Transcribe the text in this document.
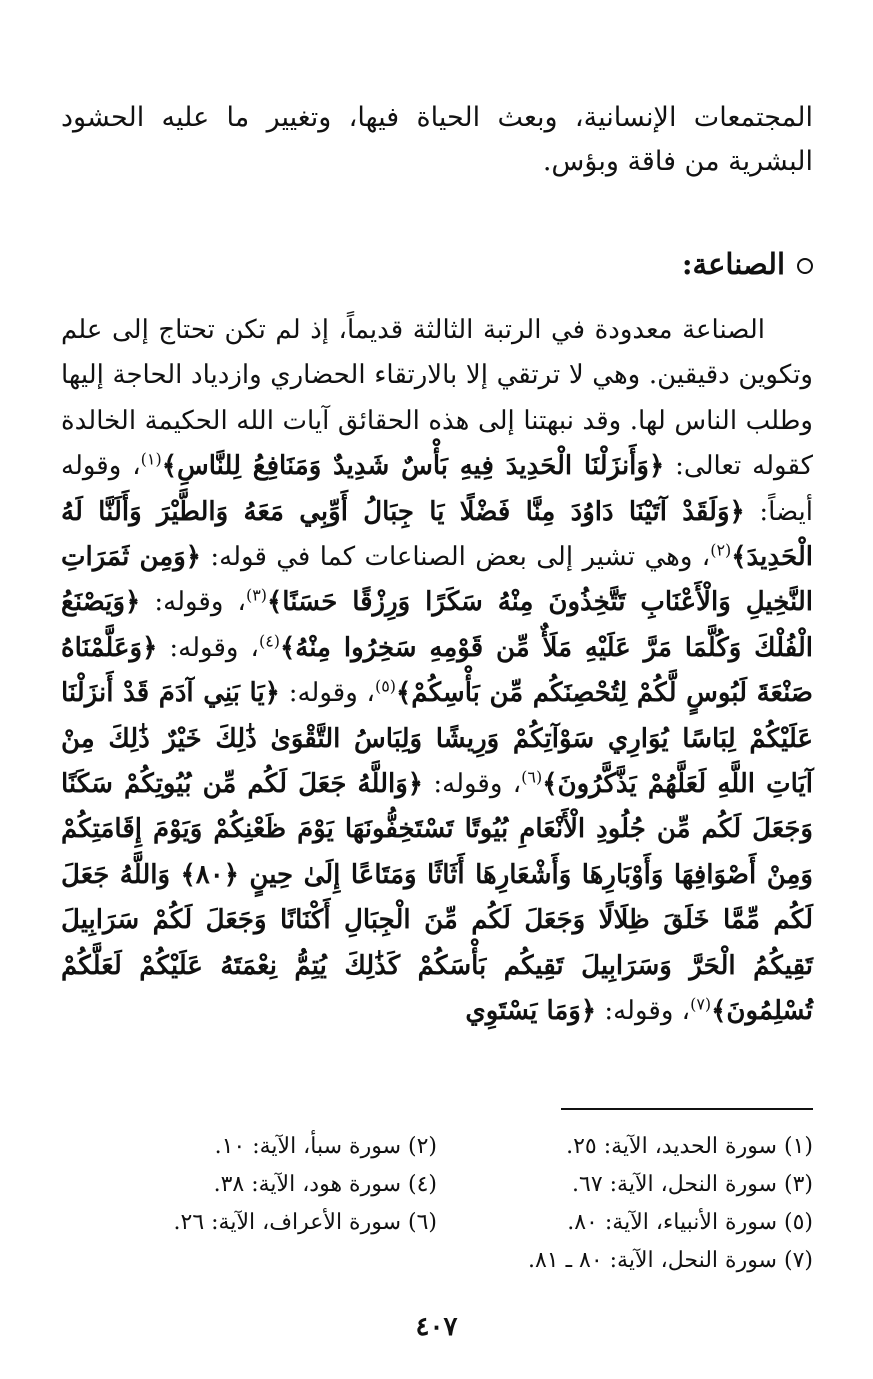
المجتمعات الإنسانية، وبعث الحياة فيها، وتغيير ما عليه الحشود البشرية من فاقة وبؤس.
الصناعة:

الصناعة معدودة في الرتبة الثالثة قديماً، إذ لم تكن تحتاج إلى علم وتكوين دقيقين. وهي لا ترتقي إلا بالارتقاء الحضاري وازدياد الحاجة إليها وطلب الناس لها. وقد نبهتنا إلى هذه الحقائق آيات الله الحكيمة الخالدة كقوله تعالى: ﴿وَأَنزَلْنَا الْحَدِيدَ فِيهِ بَأْسٌ شَدِيدٌ وَمَنَافِعُ لِلنَّاسِ﴾$^{(١)}$، وقوله أيضاً: ﴿وَلَقَدْ آتَيْنَا دَاوُدَ مِنَّا فَضْلًا يَا جِبَالُ أَوِّبِي مَعَهُ وَالطَّيْرَ وَأَلَنَّا لَهُ الْحَدِيدَ﴾$^{(٢)}$، وهي تشير إلى بعض الصناعات كما في قوله: ﴿وَمِن ثَمَرَاتِ النَّخِيلِ وَالْأَعْنَابِ تَتَّخِذُونَ مِنْهُ سَكَرًا وَرِزْقًا حَسَنًا﴾$^{(٣)}$، وقوله: ﴿وَيَصْنَعُ الْفُلْكَ وَكُلَّمَا مَرَّ عَلَيْهِ مَلَأٌ مِّن قَوْمِهِ سَخِرُوا مِنْهُ﴾$^{(٤)}$، وقوله: ﴿وَعَلَّمْنَاهُ صَنْعَةَ لَبُوسٍ لَّكُمْ لِتُحْصِنَكُم مِّن بَأْسِكُمْ﴾$^{(٥)}$، وقوله: ﴿يَا بَنِي آدَمَ قَدْ أَنزَلْنَا عَلَيْكُمْ لِبَاسًا يُوَارِي سَوْآتِكُمْ وَرِيشًا وَلِبَاسُ التَّقْوَىٰ ذَٰلِكَ خَيْرٌ ذَٰلِكَ مِنْ آيَاتِ اللَّهِ لَعَلَّهُمْ يَذَّكَّرُونَ﴾$^{(٦)}$، وقوله: ﴿وَاللَّهُ جَعَلَ لَكُم مِّن بُيُوتِكُمْ سَكَنًا وَجَعَلَ لَكُم مِّن جُلُودِ الْأَنْعَامِ بُيُوتًا تَسْتَخِفُّونَهَا يَوْمَ ظَعْنِكُمْ وَيَوْمَ إِقَامَتِكُمْ وَمِنْ أَصْوَافِهَا وَأَوْبَارِهَا وَأَشْعَارِهَا أَثَاثًا وَمَتَاعًا إِلَىٰ حِينٍ ﴿٨٠﴾ وَاللَّهُ جَعَلَ لَكُم مِّمَّا خَلَقَ ظِلَالًا وَجَعَلَ لَكُم مِّنَ الْجِبَالِ أَكْنَانًا وَجَعَلَ لَكُمْ سَرَابِيلَ تَقِيكُمُ الْحَرَّ وَسَرَابِيلَ تَقِيكُم بَأْسَكُمْ كَذَٰلِكَ يُتِمُّ نِعْمَتَهُ عَلَيْكُمْ لَعَلَّكُمْ تُسْلِمُونَ﴾$^{(٧)}$، وقوله: ﴿وَمَا يَسْتَوِي

(١) سورة الحديد، الآية: ٢٥.
(٢) سورة سبأ، الآية: ١٠.
(٣) سورة النحل، الآية: ٦٧.
(٤) سورة هود، الآية: ٣٨.
(٥) سورة الأنبياء، الآية: ٨٠.
(٦) سورة الأعراف، الآية: ٢٦.
(٧) سورة النحل، الآية: ٨٠ ـ ٨١.
٤٠٧
